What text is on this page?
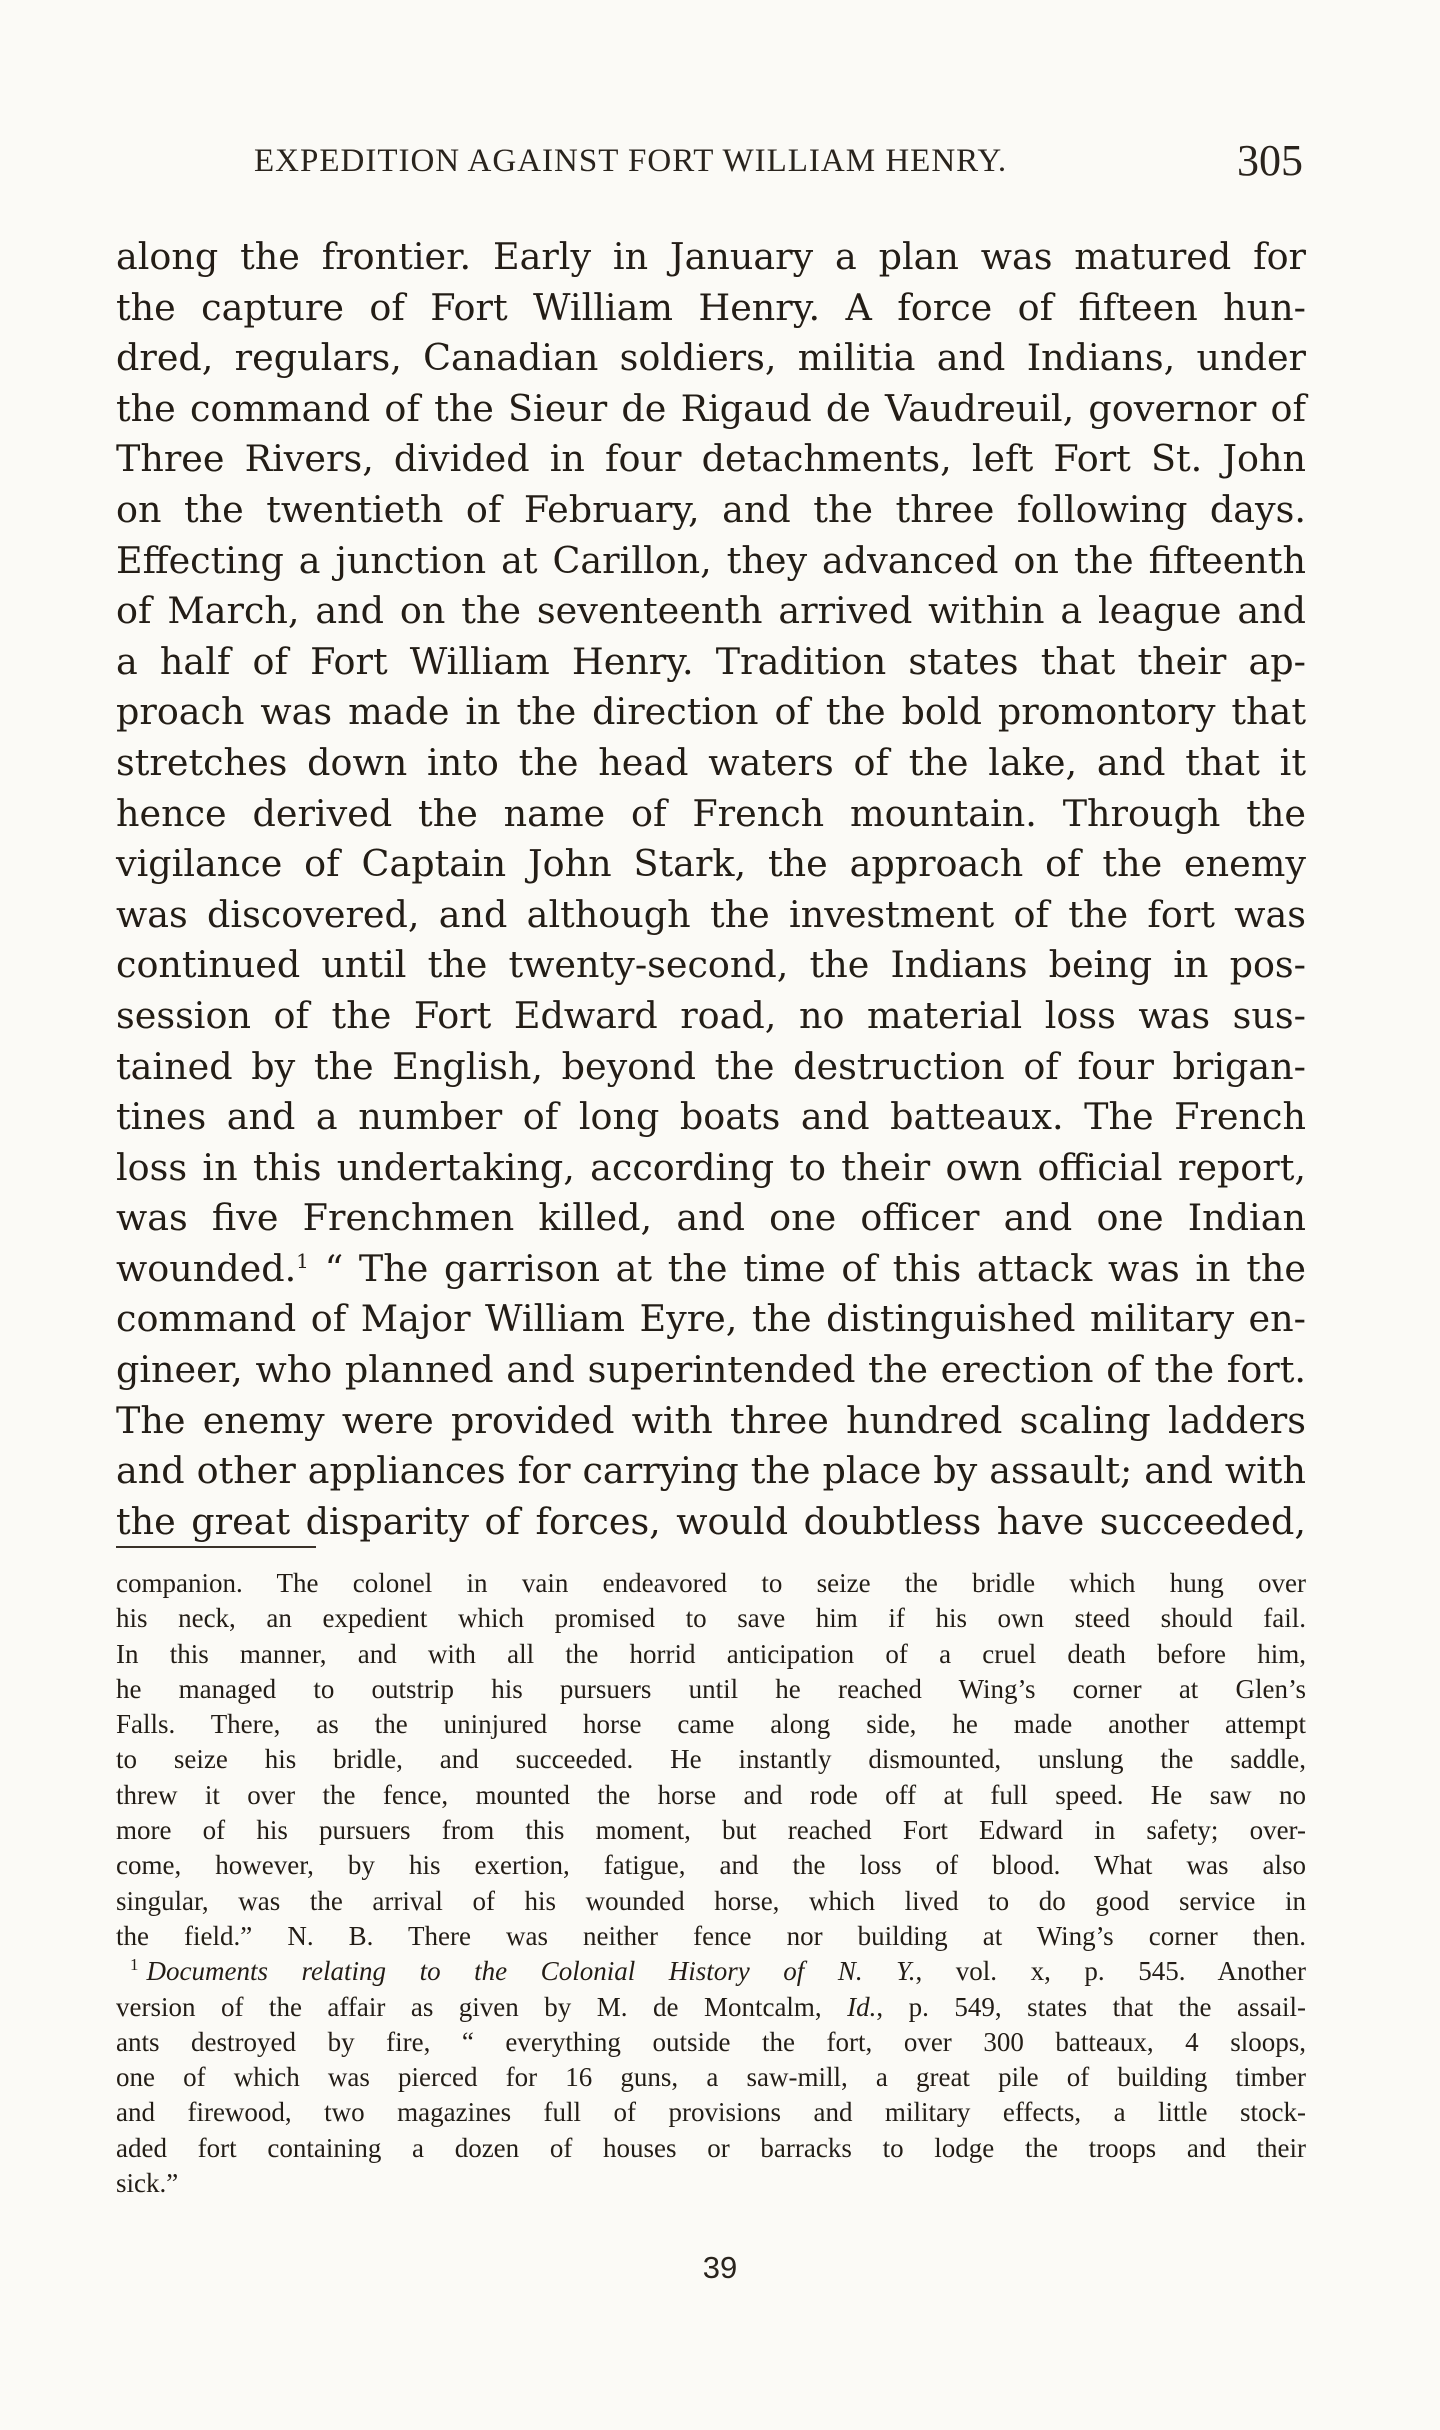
EXPEDITION AGAINST FORT WILLIAM HENRY.	305
along the frontier. Early in January a plan was matured for
the capture of Fort William Henry. A force of fifteen hun-
dred, regulars, Canadian soldiers, militia and Indians, under
the command of the Sieur de Rigaud de Vaudreuil, governor of
Three Rivers, divided in four detachments, left Fort St. John
on the twentieth of February, and the three following days.
Effecting a junction at Carillon, they advanced on the fifteenth
of March, and on the seventeenth arrived within a league and
a half of Fort William Henry. Tradition states that their ap-
proach was made in the direction of the bold promontory that
stretches down into the head waters of the lake, and that it
hence derived the name of French mountain. Through the
vigilance of Captain John Stark, the approach of the enemy
was discovered, and although the investment of the fort was
continued until the twenty-second, the Indians being in pos-
session of the Fort Edward road, no material loss was sus-
tained by the English, beyond the destruction of four brigan-
tines and a number of long boats and batteaux. The French
loss in this undertaking, according to their own official report,
was five Frenchmen killed, and one officer and one Indian
wounded.$^1$ “ The garrison at the time of this attack was in the
command of Major William Eyre, the distinguished military en-
gineer, who planned and superintended the erection of the fort.
The enemy were provided with three hundred scaling ladders
and other appliances for carrying the place by assault; and with
the great disparity of forces, would doubtless have succeeded,
companion. The colonel in vain endeavored to seize the bridle which hung over
his neck, an expedient which promised to save him if his own steed should fail.
In this manner, and with all the horrid anticipation of a cruel death before him,
he managed to outstrip his pursuers until he reached Wing’s corner at Glen’s
Falls. There, as the uninjured horse came along side, he made another attempt
to seize his bridle, and succeeded. He instantly dismounted, unslung the saddle,
threw it over the fence, mounted the horse and rode off at full speed. He saw no
more of his pursuers from this moment, but reached Fort Edward in safety; over-
come, however, by his exertion, fatigue, and the loss of blood. What was also
singular, was the arrival of his wounded horse, which lived to do good service in
the field.” N. B. There was neither fence nor building at Wing’s corner then.
$^1$ Documents relating to the Colonial History of N. Y., vol. x, p. 545. Another
version of the affair as given by M. de Montcalm, Id., p. 549, states that the assail-
ants destroyed by fire, “ everything outside the fort, over 300 batteaux, 4 sloops,
one of which was pierced for 16 guns, a saw-mill, a great pile of building timber
and firewood, two magazines full of provisions and military effects, a little stock-
aded fort containing a dozen of houses or barracks to lodge the troops and their
sick.”
39
